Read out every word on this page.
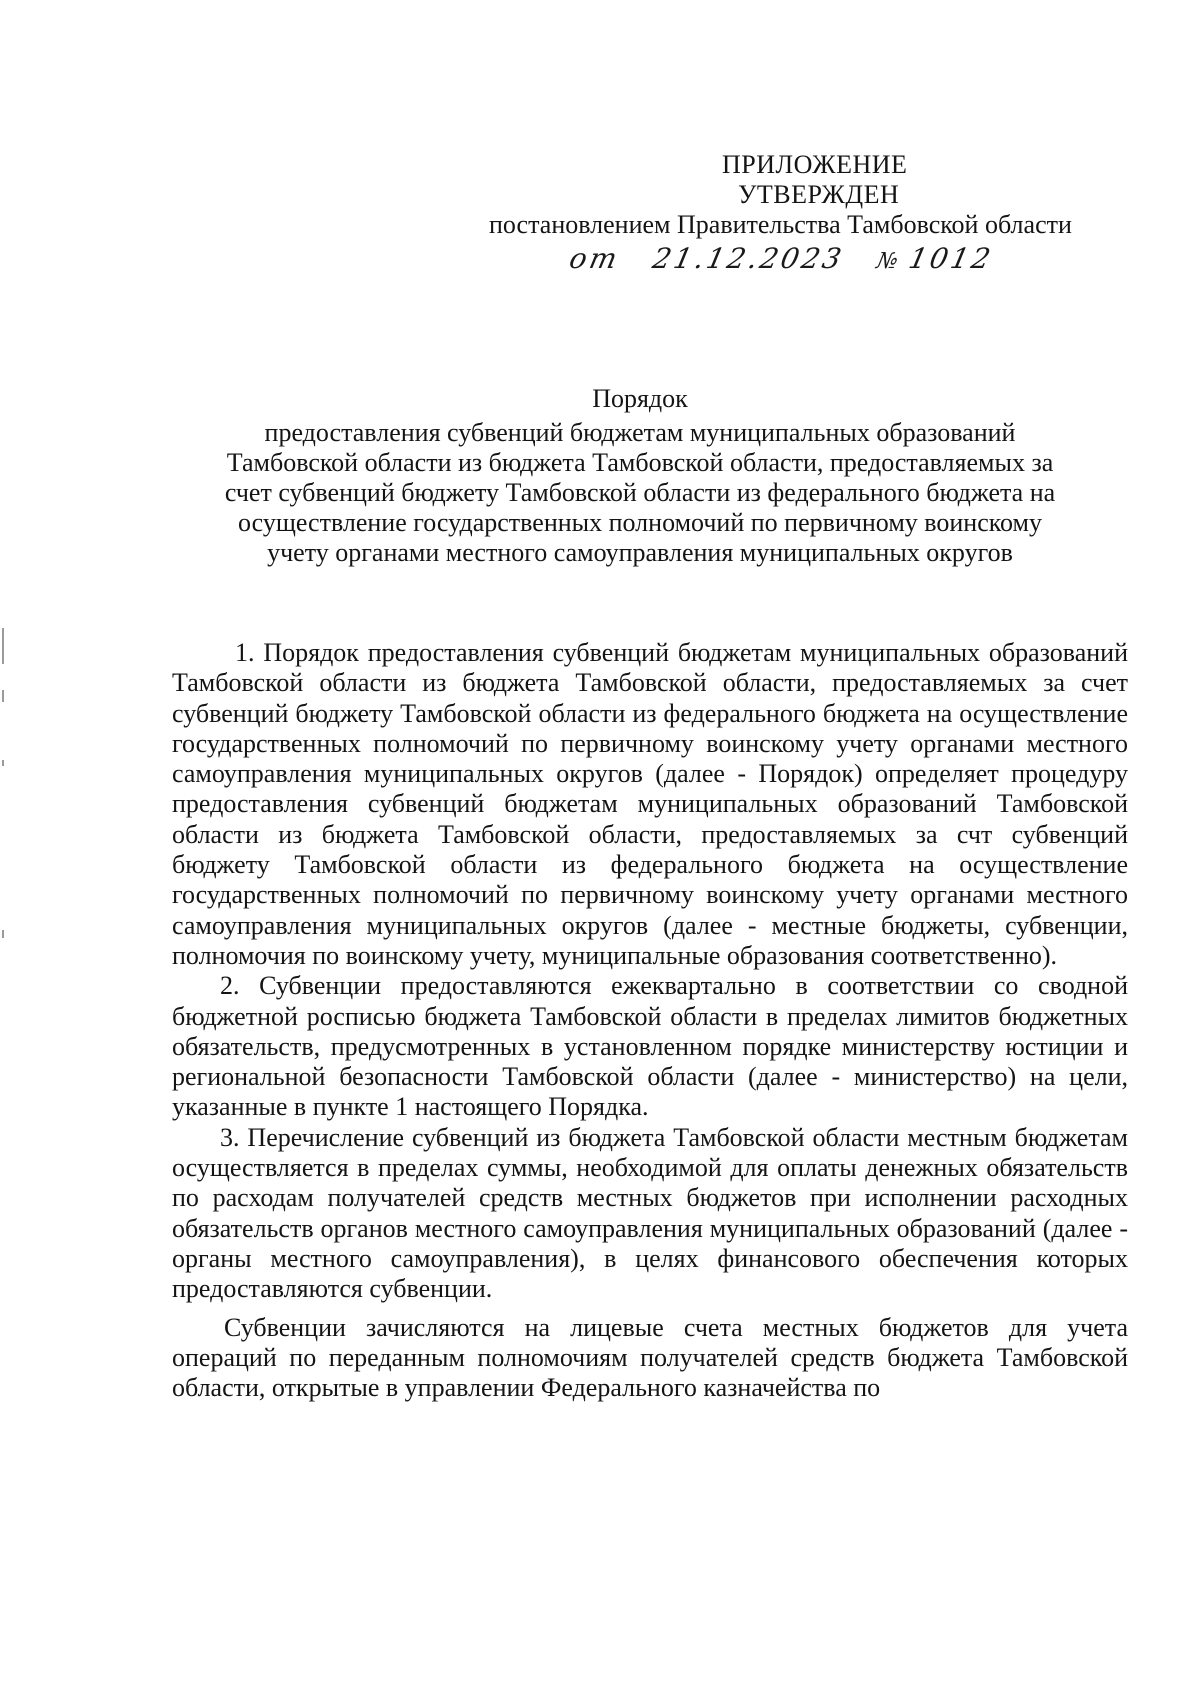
ПРИЛОЖЕНИЕ
УТВЕРЖДЕН
постановлением Правительства Тамбовской области
от 21.12.2023 №1012
Порядок
предоставления субвенций бюджетам муниципальных образований
Тамбовской области из бюджета Тамбовской области, предоставляемых за
счет субвенций бюджету Тамбовской области из федерального бюджета на
осуществление государственных полномочий по первичному воинскому
учету органами местного самоуправления муниципальных округов

1. Порядок предоставления субвенций бюджетам муниципальных образований Тамбовской области из бюджета Тамбовской области, предоставляемых за счет субвенций бюджету Тамбовской области из федерального бюджета на осуществление государственных полномочий по первичному воинскому учету органами местного самоуправления муниципальных округов (далее - Порядок) определяет процедуру предоставления субвенций бюджетам муниципальных образований Тамбовской области из бюджета Тамбовской области, предоставляемых за счт субвенций бюджету Тамбовской области из федерального бюджета на осуществление государственных полномочий по первичному воинскому учету органами местного самоуправления муниципальных округов (далее - местные бюджеты, субвенции, полномочия по воинскому учету, муниципальные образования соответственно).

2. Субвенции предоставляются ежеквартально в соответствии со сводной бюджетной росписью бюджета Тамбовской области в пределах лимитов бюджетных обязательств, предусмотренных в установленном порядке министерству юстиции и региональной безопасности Тамбовской области (далее - министерство) на цели, указанные в пункте 1 настоящего Порядка.

3. Перечисление субвенций из бюджета Тамбовской области местным бюджетам осуществляется в пределах суммы, необходимой для оплаты денежных обязательств по расходам получателей средств местных бюджетов при исполнении расходных обязательств органов местного самоуправления муниципальных образований (далее - органы местного самоуправления), в целях финансового обеспечения которых предоставляются субвенции.

Субвенции зачисляются на лицевые счета местных бюджетов для учета операций по переданным полномочиям получателей средств бюджета Тамбовской области, открытые в управлении Федерального казначейства по
